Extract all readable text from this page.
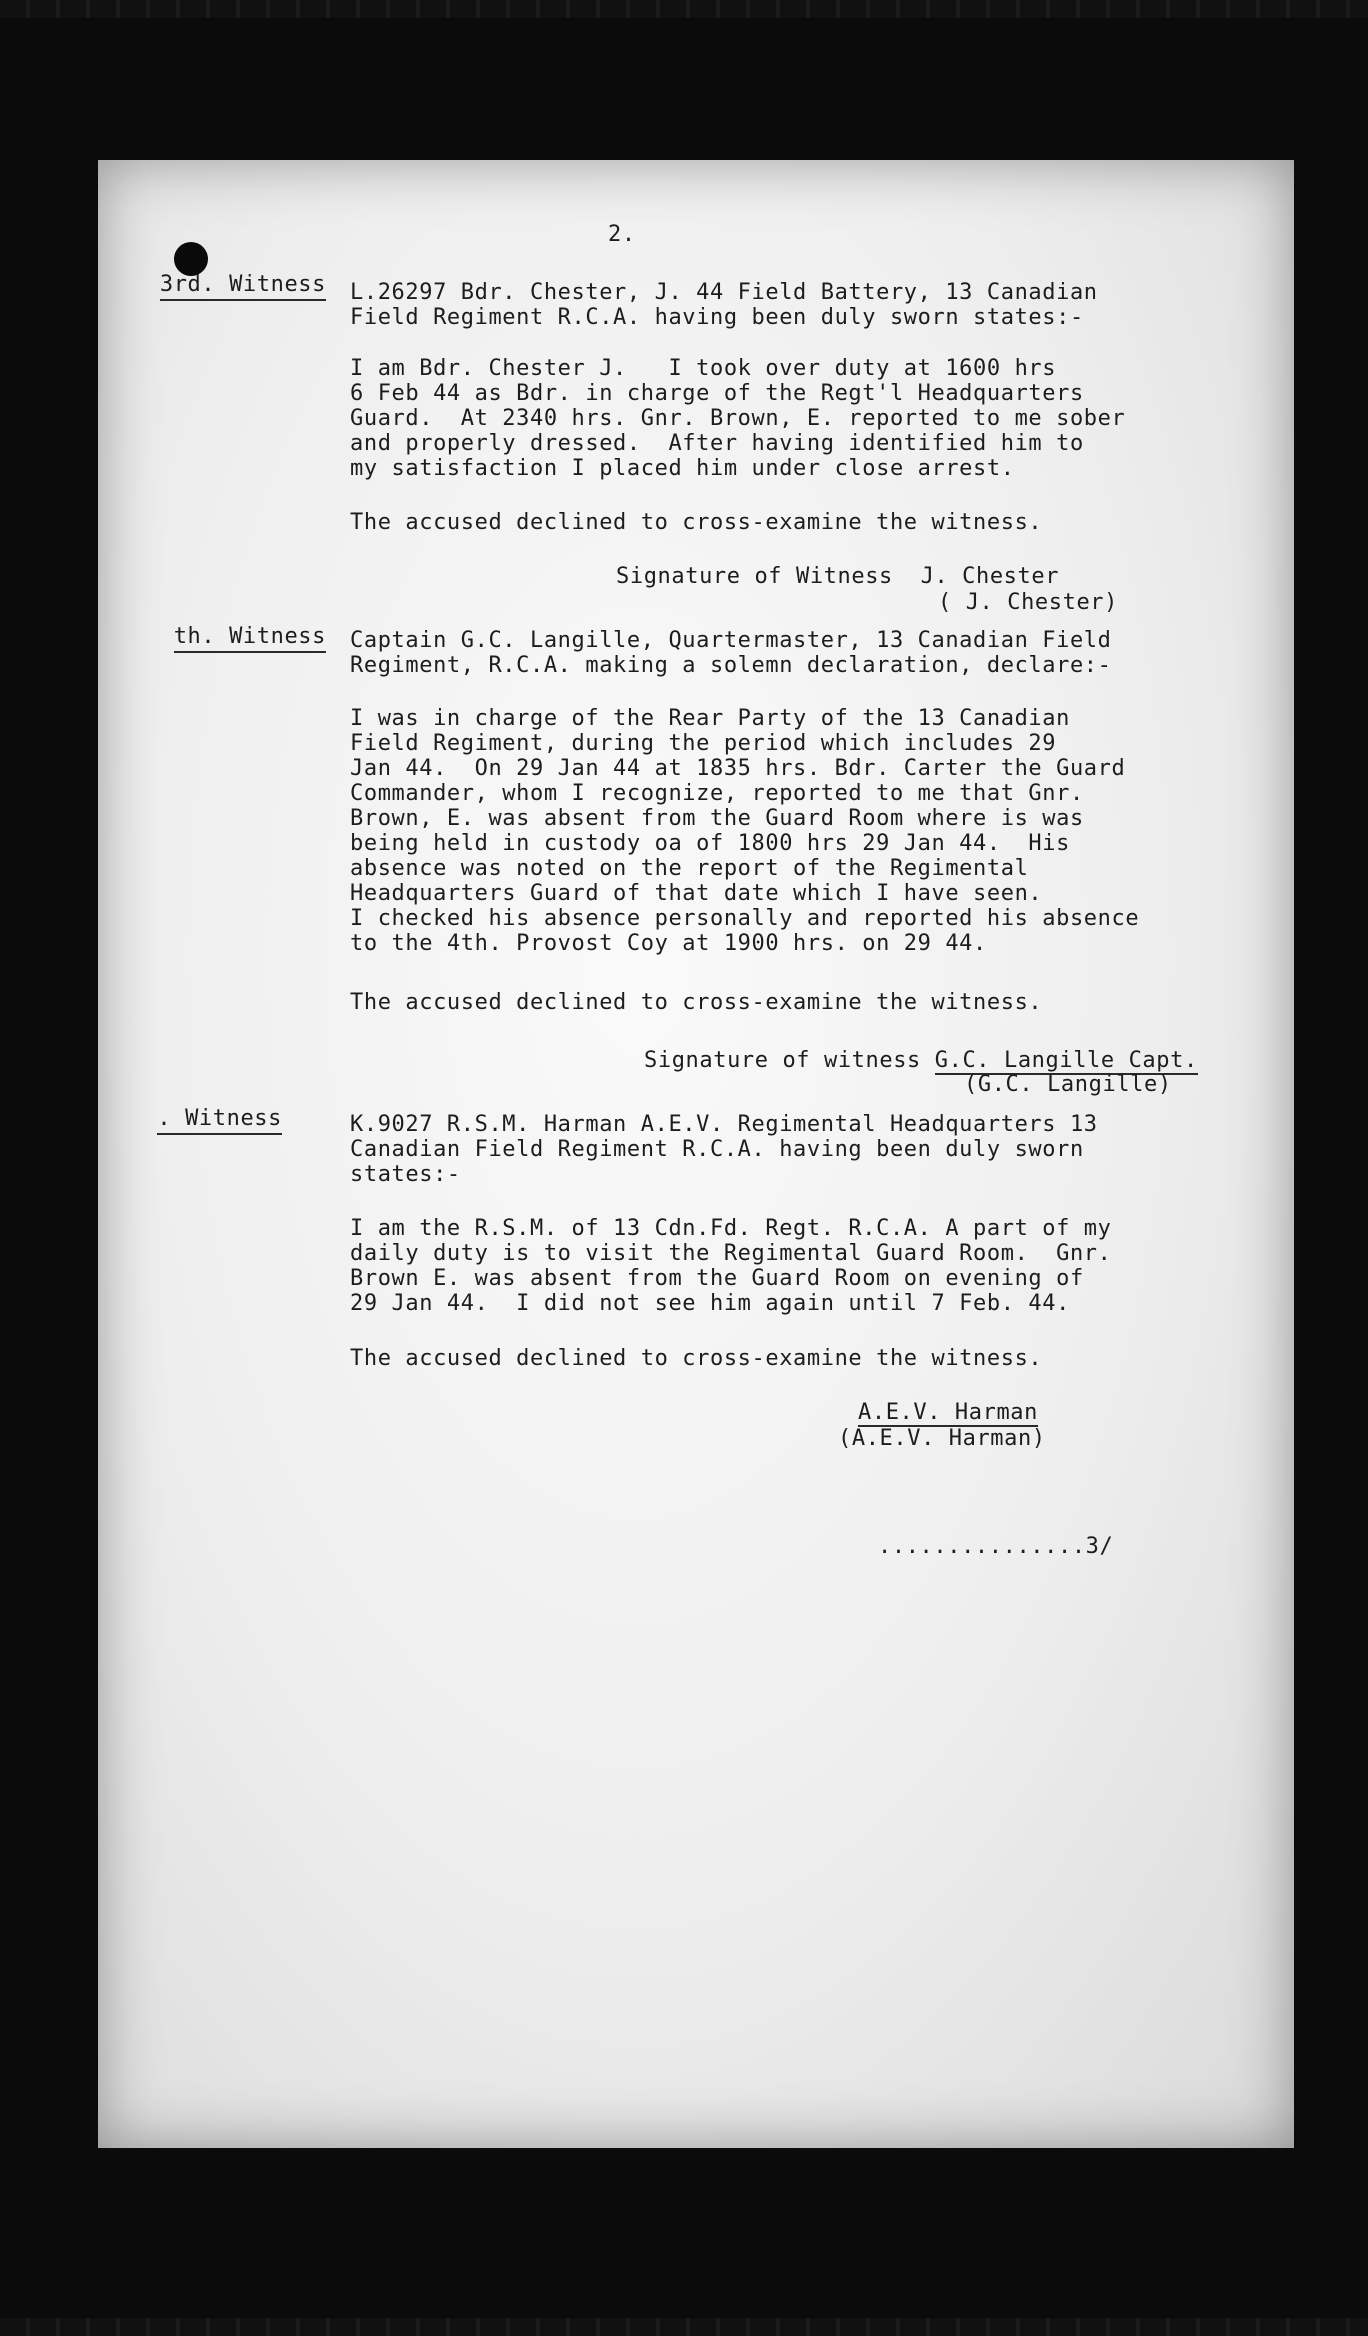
2.
3rd. Witness L.26297 Bdr. Chester, J. 44 Field Battery, 13 Canadian
Field Regiment R.C.A. having been duly sworn states:-
I am Bdr. Chester J.   I took over duty at 1600 hrs
6 Feb 44 as Bdr. in charge of the Regt'l Headquarters
Guard.  At 2340 hrs. Gnr. Brown, E. reported to me sober
and properly dressed.  After having identified him to
my satisfaction I placed him under close arrest.
The accused declined to cross-examine the witness.
Signature of Witness  J. Chester
( J. Chester)
th. Witness Captain G.C. Langille, Quartermaster, 13 Canadian Field
Regiment, R.C.A. making a solemn declaration, declare:-
I was in charge of the Rear Party of the 13 Canadian
Field Regiment, during the period which includes 29
Jan 44.  On 29 Jan 44 at 1835 hrs. Bdr. Carter the Guard
Commander, whom I recognize, reported to me that Gnr.
Brown, E. was absent from the Guard Room where is was
being held in custody oa of 1800 hrs 29 Jan 44.  His
absence was noted on the report of the Regimental
Headquarters Guard of that date which I have seen.
I checked his absence personally and reported his absence
to the 4th. Provost Coy at 1900 hrs. on 29 44.
The accused declined to cross-examine the witness.
Signature of witness G.C. Langille Capt.
(G.C. Langille)
. Witness	K.9027 R.S.M. Harman A.E.V. Regimental Headquarters 13
Canadian Field Regiment R.C.A. having been duly sworn
states:-
I am the R.S.M. of 13 Cdn.Fd. Regt. R.C.A. A part of my
daily duty is to visit the Regimental Guard Room.  Gnr.
Brown E. was absent from the Guard Room on evening of
29 Jan 44.  I did not see him again until 7 Feb. 44.
The accused declined to cross-examine the witness.
A.E.V. Harman
(A.E.V. Harman)
...............3/
